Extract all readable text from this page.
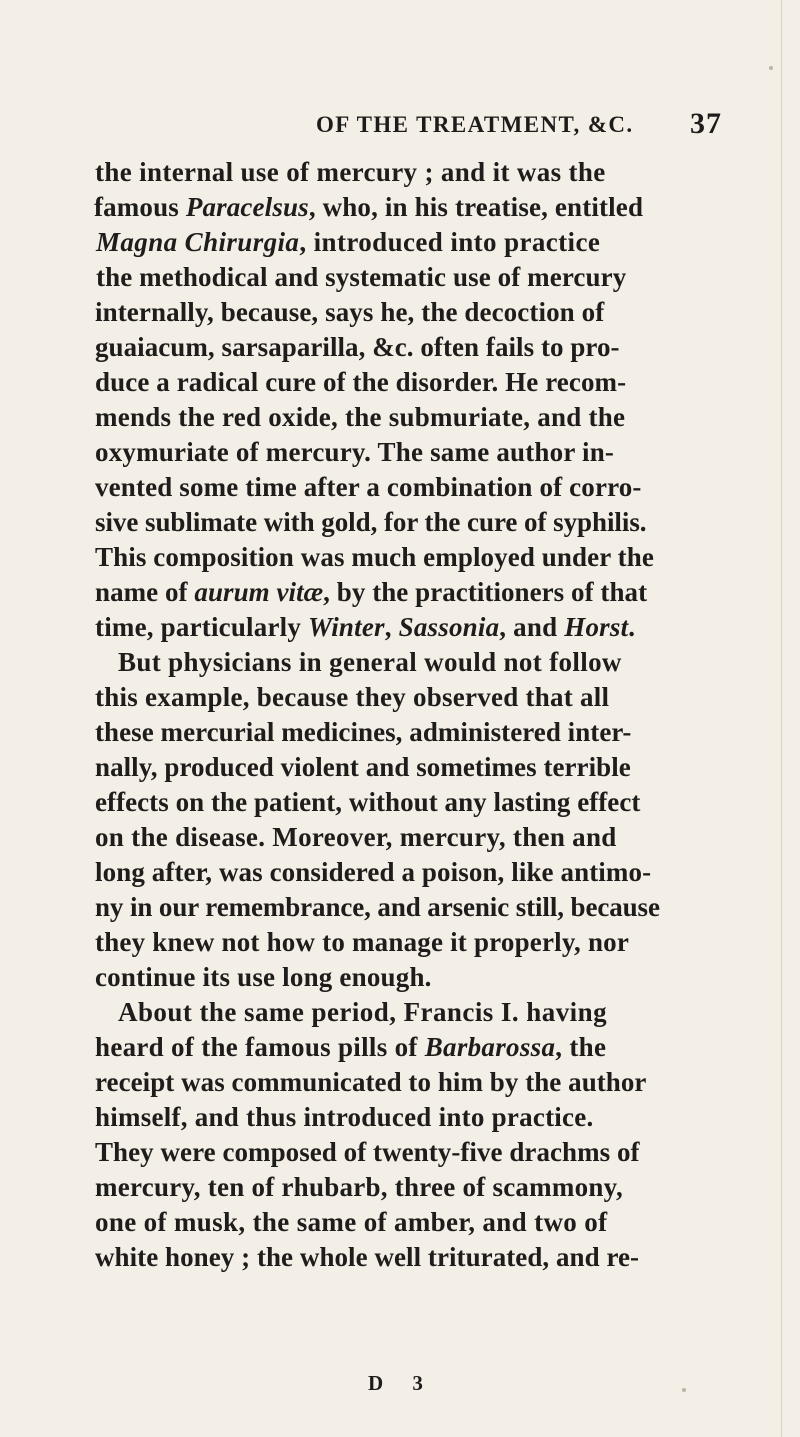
OF THE TREATMENT, &C. 37
the internal use of mercury ; and it was the
famous Paracelsus, who, in his treatise, entitled
Magna Chirurgia, introduced into practice
the methodical and systematic use of mercury
internally, because, says he, the decoction of
guaiacum, sarsaparilla, &c. often fails to pro-
duce a radical cure of the disorder. He recom-
mends the red oxide, the submuriate, and the
oxymuriate of mercury. The same author in-
vented some time after a combination of corro-
sive sublimate with gold, for the cure of syphilis.
This composition was much employed under the
name of aurum vitæ, by the practitioners of that
time, particularly Winter, Sassonia, and Horst.
But physicians in general would not follow
this example, because they observed that all
these mercurial medicines, administered inter-
nally, produced violent and sometimes terrible
effects on the patient, without any lasting effect
on the disease. Moreover, mercury, then and
long after, was considered a poison, like antimo-
ny in our remembrance, and arsenic still, because
they knew not how to manage it properly, nor
continue its use long enough.
About the same period, Francis I. having
heard of the famous pills of Barbarossa, the
receipt was communicated to him by the author
himself, and thus introduced into practice.
They were composed of twenty-five drachms of
mercury, ten of rhubarb, three of scammony,
one of musk, the same of amber, and two of
white honey ; the whole well triturated, and re-
D 3
